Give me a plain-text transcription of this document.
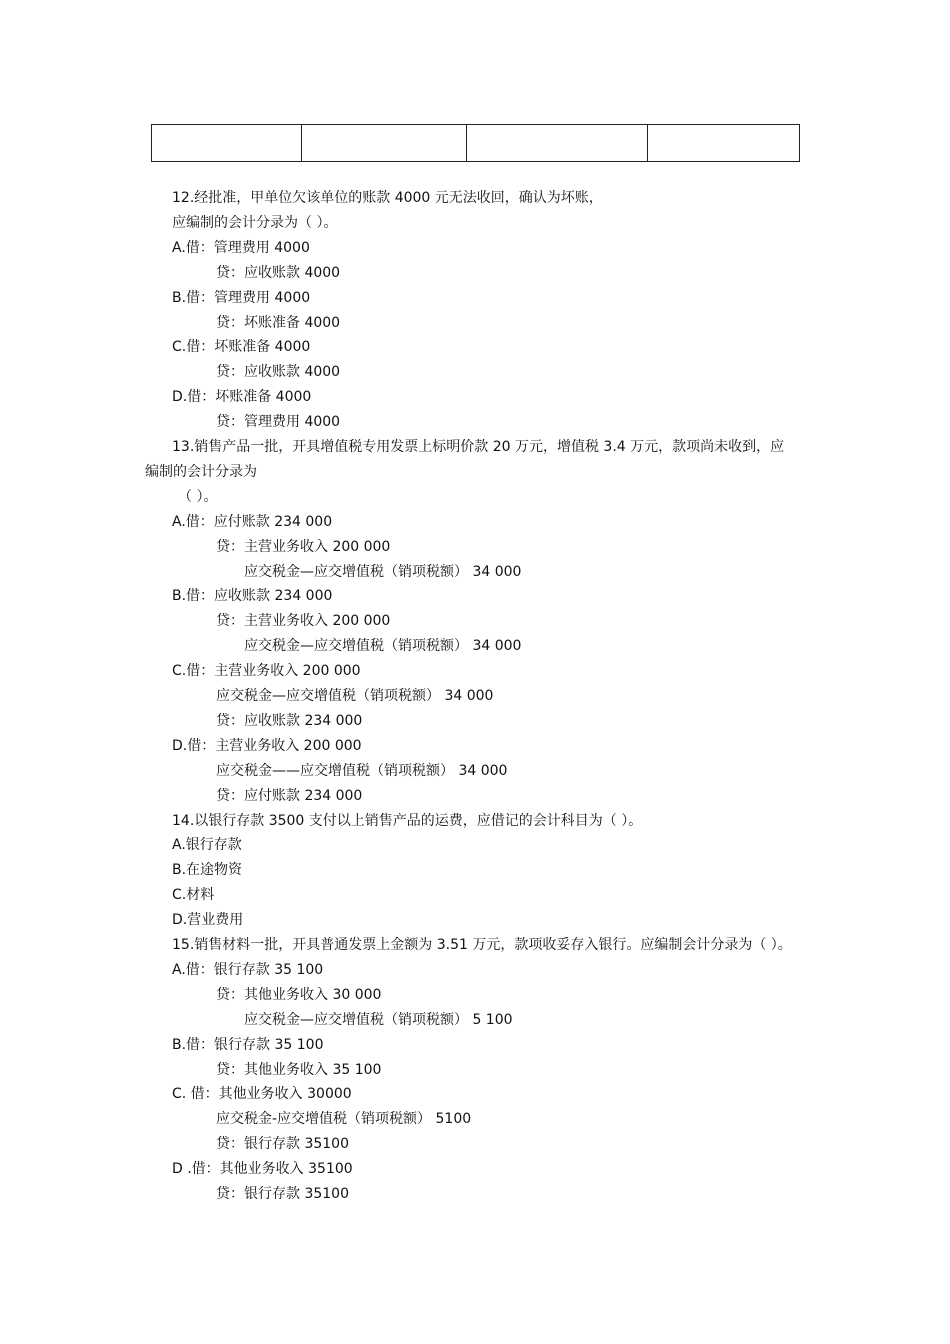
12.经批准，甲单位欠该单位的账款 4000 元无法收回，确认为坏账，
应编制的会计分录为（ ）。
A.借：管理费用 4000
贷：应收账款 4000
B.借：管理费用 4000
贷：坏账准备 4000
C.借：坏账准备 4000
贷：应收账款 4000
D.借：坏账准备 4000
贷：管理费用 4000
13.销售产品一批，开具增值税专用发票上标明价款 20 万元，增值税 3.4 万元，款项尚未收到，应
编制的会计分录为
（ ）。
A.借：应付账款 234 000
贷：主营业务收入 200 000
应交税金—应交增值税（销项税额） 34 000
B.借：应收账款 234 000
贷：主营业务收入 200 000
应交税金—应交增值税（销项税额） 34 000
C.借：主营业务收入 200 000
应交税金—应交增值税（销项税额） 34 000
贷：应收账款 234 000
D.借：主营业务收入 200 000
应交税金——应交增值税（销项税额） 34 000
贷：应付账款 234 000
14.以银行存款 3500 支付以上销售产品的运费，应借记的会计科目为（ ）。
A.银行存款
B.在途物资
C.材料
D.营业费用
15.销售材料一批，开具普通发票上金额为 3.51 万元，款项收妥存入银行。应编制会计分录为（ ）。
A.借：银行存款 35 100
贷：其他业务收入 30 000
应交税金—应交增值税（销项税额） 5 100
B.借：银行存款 35 100
贷：其他业务收入 35 100
C. 借：其他业务收入 30000
应交税金-应交增值税（销项税额） 5100
贷：银行存款 35100
D .借：其他业务收入 35100
贷：银行存款 35100
